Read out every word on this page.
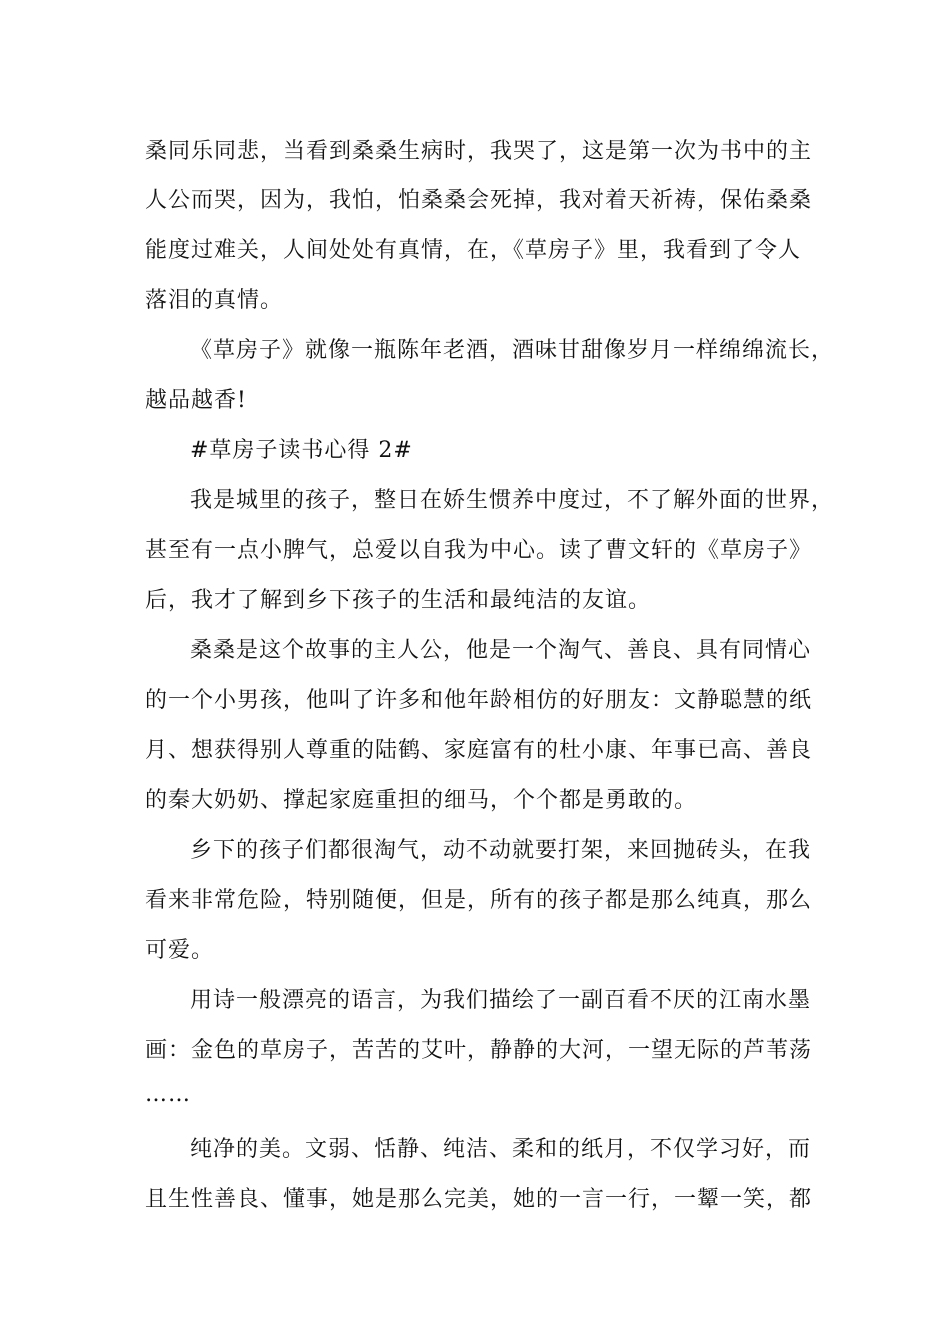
桑同乐同悲，当看到桑桑生病时，我哭了，这是第一次为书中的主
人公而哭，因为，我怕，怕桑桑会死掉，我对着天祈祷，保佑桑桑
能度过难关，人间处处有真情，在，《草房子》里，我看到了令人
落泪的真情。
《草房子》就像一瓶陈年老酒，酒味甘甜像岁月一样绵绵流长，
越品越香!
#草房子读书心得 2#
我是城里的孩子，整日在娇生惯养中度过，不了解外面的世界，
甚至有一点小脾气，总爱以自我为中心。读了曹文轩的《草房子》
后，我才了解到乡下孩子的生活和最纯洁的友谊。
桑桑是这个故事的主人公，他是一个淘气、善良、具有同情心
的一个小男孩，他叫了许多和他年龄相仿的好朋友：文静聪慧的纸
月、想获得别人尊重的陆鹤、家庭富有的杜小康、年事已高、善良
的秦大奶奶、撑起家庭重担的细马，个个都是勇敢的。
乡下的孩子们都很淘气，动不动就要打架，来回抛砖头，在我
看来非常危险，特别随便，但是，所有的孩子都是那么纯真，那么
可爱。
用诗一般漂亮的语言，为我们描绘了一副百看不厌的江南水墨
画：金色的草房子，苦苦的艾叶，静静的大河，一望无际的芦苇荡
……
纯净的美。文弱、恬静、纯洁、柔和的纸月，不仅学习好，而
且生性善良、懂事，她是那么完美，她的一言一行，一颦一笑，都
